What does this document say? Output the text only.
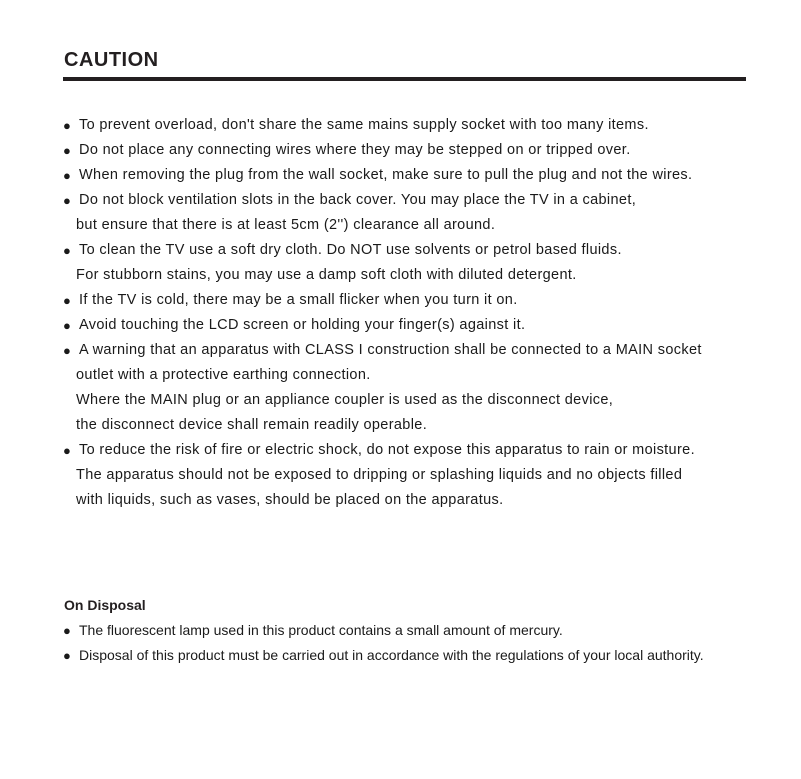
CAUTION
● To prevent overload, don't share the same mains supply socket with too many items.
● Do not place any connecting wires where they may be stepped on or tripped over.
● When removing the plug from the wall socket, make sure to pull the plug and not the wires.
● Do not block ventilation slots in the back cover. You may place the TV in a cabinet,
but ensure that there is at least 5cm (2'') clearance all around.
● To clean the TV use a soft dry cloth. Do NOT use solvents or petrol based fluids.
For stubborn stains, you may use a damp soft cloth with diluted detergent.
● If the TV is cold, there may be a small flicker when you turn it on.
● Avoid touching the LCD screen or holding your finger(s) against it.
● A warning that an apparatus with CLASS I construction shall be connected to a MAIN socket
outlet with a protective earthing connection.
Where the MAIN plug or an appliance coupler is used as the disconnect device,
the disconnect device shall remain readily operable.
● To reduce the risk of fire or electric shock, do not expose this apparatus to rain or moisture.
The apparatus should not be exposed to dripping or splashing liquids and no objects filled
with liquids, such as vases, should be placed on the apparatus.
On Disposal
● The fluorescent lamp used in this product contains a small amount of mercury.
● Disposal of this product must be carried out in accordance with the regulations of your local authority.
